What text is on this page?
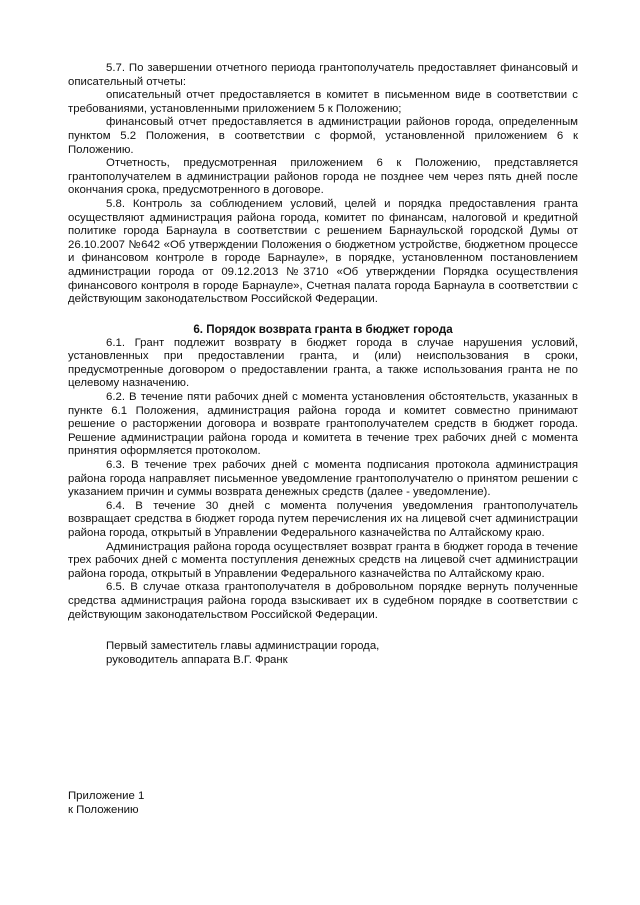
5.7. По завершении отчетного периода грантополучатель предоставляет финансовый и описательный отчеты:

описательный отчет предоставляется в комитет в письменном виде в соответствии с требованиями, установленными приложением 5 к Положению;

финансовый отчет предоставляется в администрации районов города, определенным пунктом 5.2 Положения, в соответствии с формой, установленной приложением 6 к Положению.

Отчетность, предусмотренная приложением 6 к Положению, представляется грантополучателем в администрации районов города не позднее чем через пять дней после окончания срока, предусмотренного в договоре.

5.8. Контроль за соблюдением условий, целей и порядка предоставления гранта осуществляют администрация района города, комитет по финансам, налоговой и кредитной политике города Барнаула в соответствии с решением Барнаульской городской Думы от 26.10.2007 №642 «Об утверждении Положения о бюджетном устройстве, бюджетном процессе и финансовом контроле в городе Барнауле», в порядке, установленном постановлением администрации города от 09.12.2013 №3710 «Об утверждении Порядка осуществления финансового контроля в городе Барнауле», Счетная палата города Барнаула в соответствии с действующим законодательством Российской Федерации.

6. Порядок возврата гранта в бюджет города

6.1. Грант подлежит возврату в бюджет города в случае нарушения условий, установленных при предоставлении гранта, и (или) неиспользования в сроки, предусмотренные договором о предоставлении гранта, а также использования гранта не по целевому назначению.

6.2. В течение пяти рабочих дней с момента установления обстоятельств, указанных в пункте 6.1 Положения, администрация района города и комитет совместно принимают решение о расторжении договора и возврате грантополучателем средств в бюджет города. Решение администрации района города и комитета в течение трех рабочих дней с момента принятия оформляется протоколом.

6.3. В течение трех рабочих дней с момента подписания протокола администрация района города направляет письменное уведомление грантополучателю о принятом решении с указанием причин и суммы возврата денежных средств (далее - уведомление).

6.4. В течение 30 дней с момента получения уведомления грантополучатель возвращает средства в бюджет города путем перечисления их на лицевой счет администрации района города, открытый в Управлении Федерального казначейства по Алтайскому краю.

Администрация района города осуществляет возврат гранта в бюджет города в течение трех рабочих дней с момента поступления денежных средств на лицевой счет администрации района города, открытый в Управлении Федерального казначейства по Алтайскому краю.

6.5. В случае отказа грантополучателя в добровольном порядке вернуть полученные средства администрация района города взыскивает их в судебном порядке в соответствии с действующим законодательством Российской Федерации.

Первый заместитель главы администрации города,
руководитель аппарата В.Г. Франк
Приложение 1
к Положению
